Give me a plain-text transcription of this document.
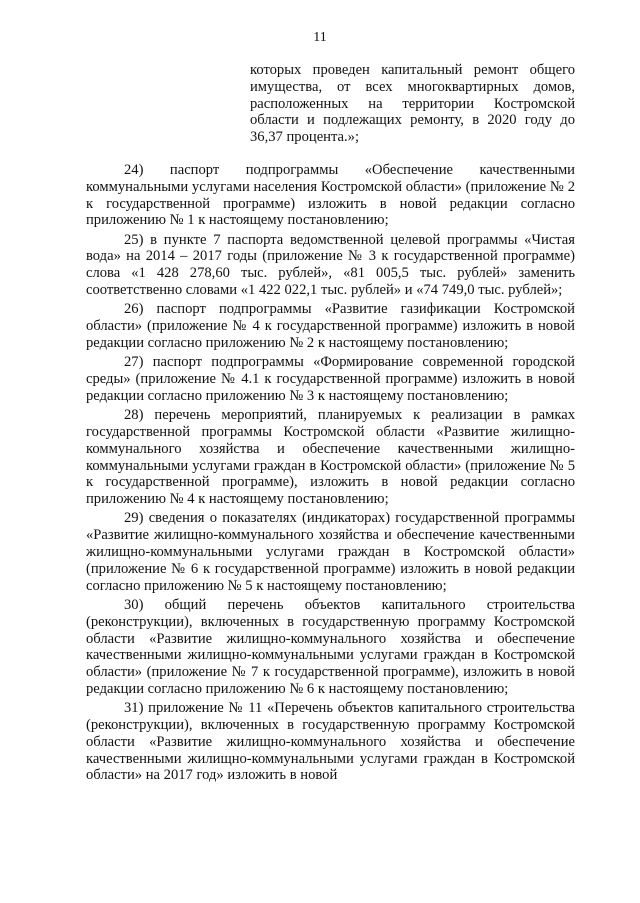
11
которых проведен капитальный ремонт общего имущества, от всех многоквартирных домов, расположенных на территории Костромской области и подлежащих ремонту, в 2020 году до 36,37 процента.»;

24) паспорт подпрограммы «Обеспечение качественными коммунальными услугами населения Костромской области» (приложение № 2 к государственной программе) изложить в новой редакции согласно приложению № 1 к настоящему постановлению;

25) в пункте 7 паспорта ведомственной целевой программы «Чистая вода» на 2014 – 2017 годы (приложение № 3 к государственной программе) слова «1 428 278,60 тыс. рублей», «81 005,5 тыс. рублей» заменить соответственно словами «1 422 022,1 тыс. рублей» и «74 749,0 тыс. рублей»;

26) паспорт подпрограммы «Развитие газификации Костромской области» (приложение № 4 к государственной программе) изложить в новой редакции согласно приложению № 2 к настоящему постановлению;

27) паспорт подпрограммы «Формирование современной городской среды» (приложение № 4.1 к государственной программе) изложить в новой редакции согласно приложению № 3 к настоящему постановлению;

28) перечень мероприятий, планируемых к реализации в рамках государственной программы Костромской области «Развитие жилищно-коммунального хозяйства и обеспечение качественными жилищно-коммунальными услугами граждан в Костромской области» (приложение № 5 к государственной программе), изложить в новой редакции согласно приложению № 4 к настоящему постановлению;

29) сведения о показателях (индикаторах) государственной программы «Развитие жилищно-коммунального хозяйства и обеспечение качественными жилищно-коммунальными услугами граждан в Костромской области» (приложение № 6 к государственной программе) изложить в новой редакции согласно приложению № 5 к настоящему постановлению;

30) общий перечень объектов капитального строительства (реконструкции), включенных в государственную программу Костромской области «Развитие жилищно-коммунального хозяйства и обеспечение качественными жилищно-коммунальными услугами граждан в Костромской области» (приложение № 7 к государственной программе), изложить в новой редакции согласно приложению № 6 к настоящему постановлению;

31) приложение № 11 «Перечень объектов капитального строительства (реконструкции), включенных в государственную программу Костромской области «Развитие жилищно-коммунального хозяйства и обеспечение качественными жилищно-коммунальными услугами граждан в Костромской области» на 2017 год» изложить в новой
